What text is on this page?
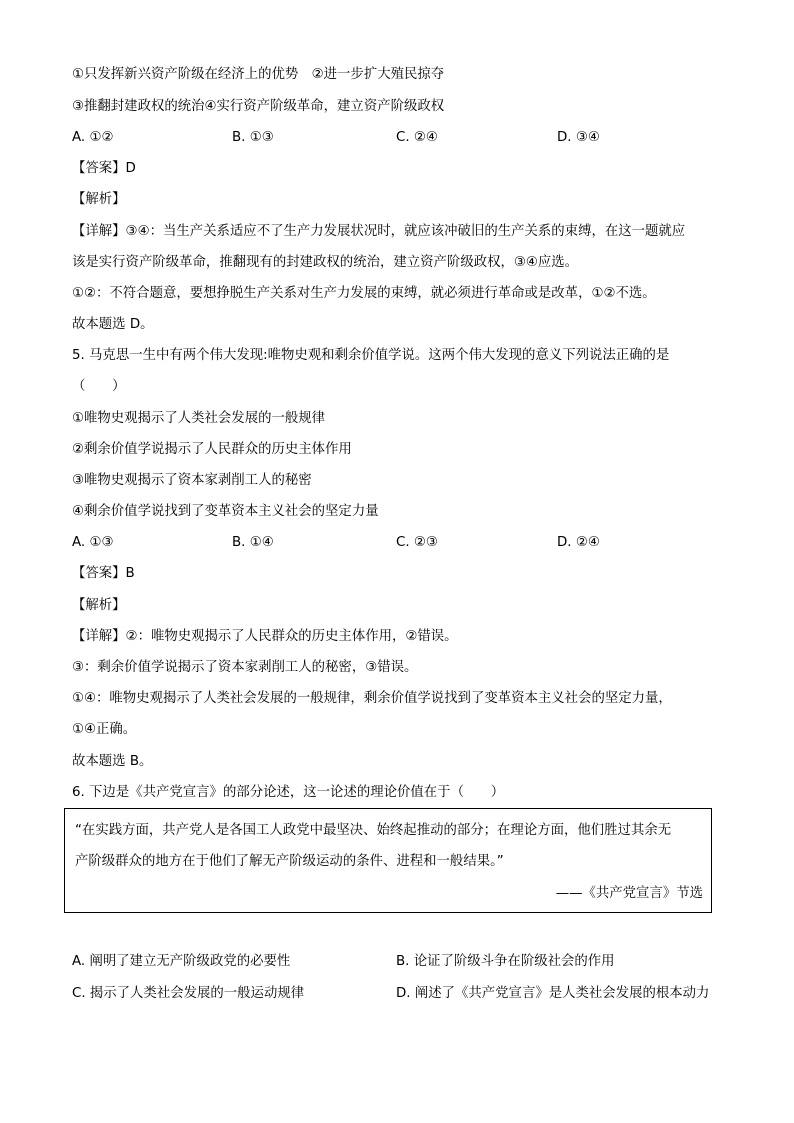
①只发挥新兴资产阶级在经济上的优势　②进一步扩大殖民掠夺
③推翻封建政权的统治④实行资产阶级革命，建立资产阶级政权
A. ①②	B. ①③	C. ②④	D. ③④
【答案】D
【解析】
【详解】③④：当生产关系适应不了生产力发展状况时，就应该冲破旧的生产关系的束缚，在这一题就应
该是实行资产阶级革命，推翻现有的封建政权的统治，建立资产阶级政权，③④应选。
①②：不符合题意，要想挣脱生产关系对生产力发展的束缚，就必须进行革命或是改革，①②不选。
故本题选 D。
5. 马克思一生中有两个伟大发现:唯物史观和剩余价值学说。这两个伟大发现的意义下列说法正确的是
（　　）
①唯物史观揭示了人类社会发展的一般规律
②剩余价值学说揭示了人民群众的历史主体作用
③唯物史观揭示了资本家剥削工人的秘密
④剩余价值学说找到了变革资本主义社会的坚定力量
A. ①③	B. ①④	C. ②③	D. ②④
【答案】B
【解析】
【详解】②：唯物史观揭示了人民群众的历史主体作用，②错误。
③：剩余价值学说揭示了资本家剥削工人的秘密，③错误。
①④：唯物史观揭示了人类社会发展的一般规律，剩余价值学说找到了变革资本主义社会的坚定力量，
①④正确。
故本题选 B。
6. 下边是《共产党宣言》的部分论述，这一论述的理论价值在于（　　）
“在实践方面，共产党人是各国工人政党中最坚决、始终起推动的部分；在理论方面，他们胜过其余无
产阶级群众的地方在于他们了解无产阶级运动的条件、进程和一般结果。”
——《共产党宣言》节选
A. 阐明了建立无产阶级政党的必要性	B. 论证了阶级斗争在阶级社会的作用
C. 揭示了人类社会发展的一般运动规律	D. 阐述了《共产党宣言》是人类社会发展的根本动力
